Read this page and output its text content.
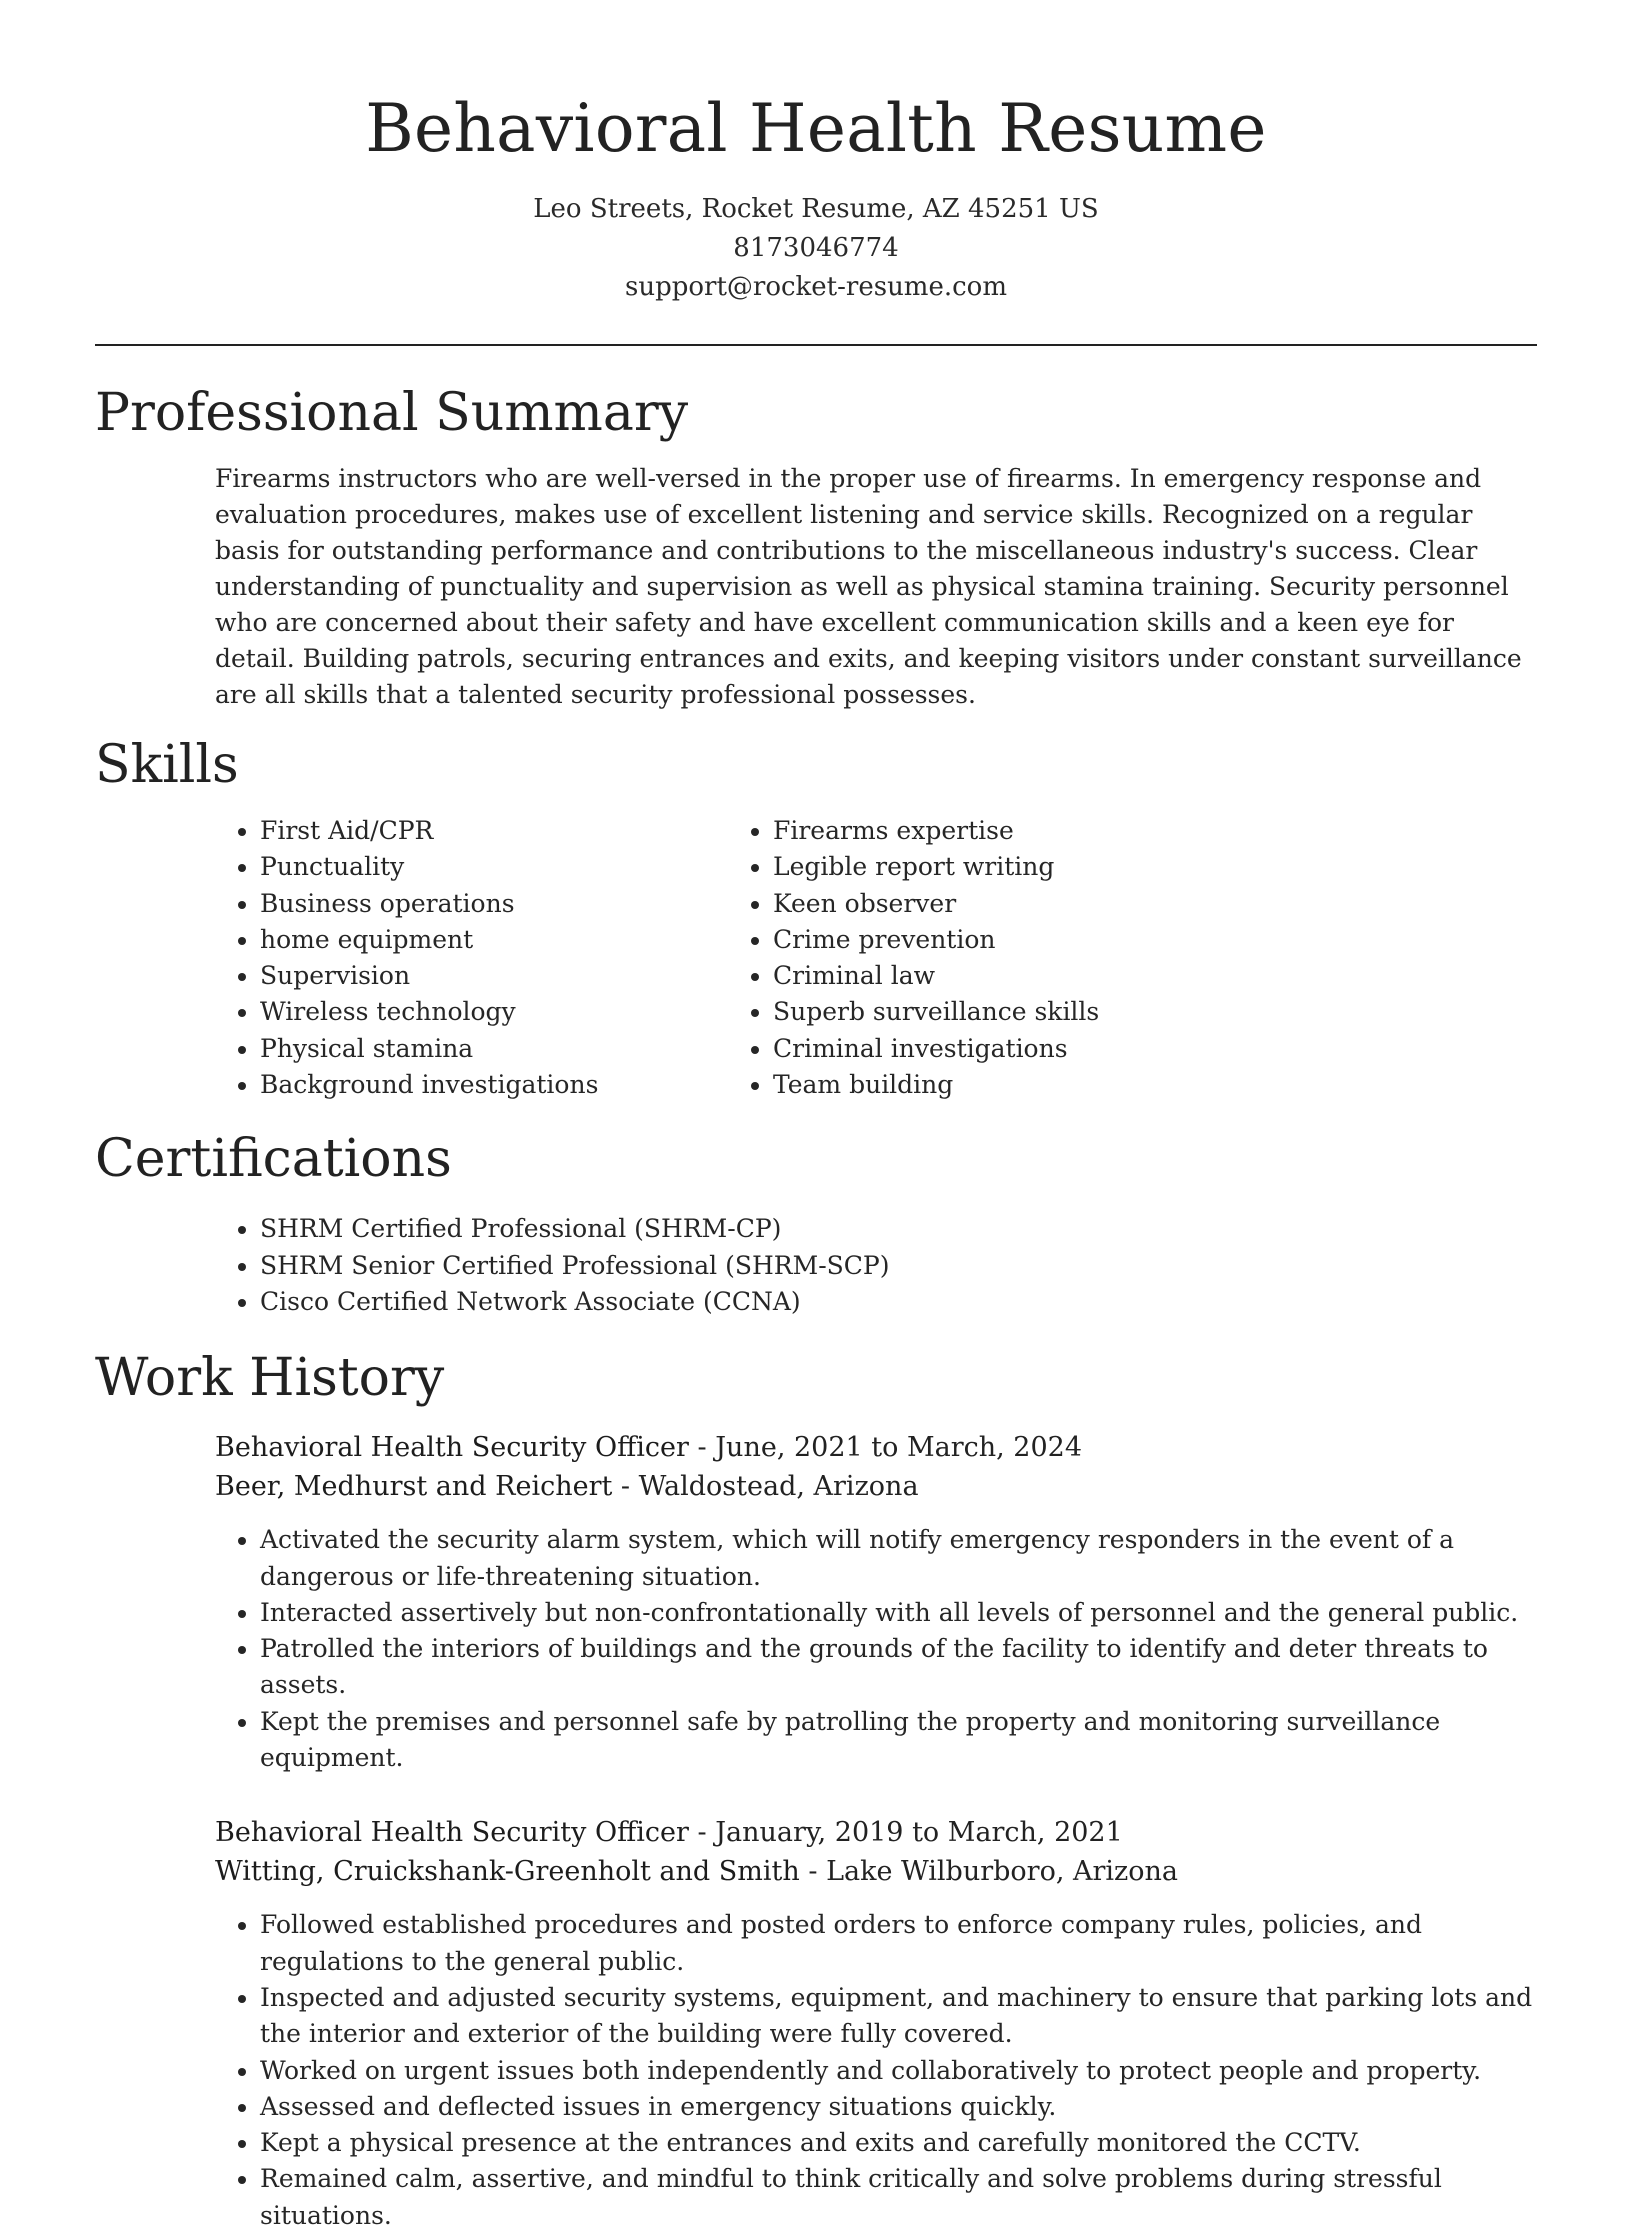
Behavioral Health Resume
Leo Streets, Rocket Resume, AZ 45251 US
8173046774
support@rocket-resume.com
Professional Summary

Firearms instructors who are well-versed in the proper use of firearms. In emergency response and evaluation procedures, makes use of excellent listening and service skills. Recognized on a regular basis for outstanding performance and contributions to the miscellaneous industry's success. Clear understanding of punctuality and supervision as well as physical stamina training. Security personnel who are concerned about their safety and have excellent communication skills and a keen eye for detail. Building patrols, securing entrances and exits, and keeping visitors under constant surveillance are all skills that a talented security professional possesses.

Skills
• First Aid/CPR
• Punctuality
• Business operations
• home equipment
• Supervision
• Wireless technology
• Physical stamina
• Background investigations
• Firearms expertise
• Legible report writing
• Keen observer
• Crime prevention
• Criminal law
• Superb surveillance skills
• Criminal investigations
• Team building
Certifications
• SHRM Certified Professional (SHRM-CP)
• SHRM Senior Certified Professional (SHRM-SCP)
• Cisco Certified Network Associate (CCNA)
Work History
Behavioral Health Security Officer - June, 2021 to March, 2024
Beer, Medhurst and Reichert - Waldostead, Arizona
• Activated the security alarm system, which will notify emergency responders in the event of a dangerous or life-threatening situation.
• Interacted assertively but non-confrontationally with all levels of personnel and the general public.
• Patrolled the interiors of buildings and the grounds of the facility to identify and deter threats to assets.
• Kept the premises and personnel safe by patrolling the property and monitoring surveillance equipment.
Behavioral Health Security Officer - January, 2019 to March, 2021
Witting, Cruickshank-Greenholt and Smith - Lake Wilburboro, Arizona
• Followed established procedures and posted orders to enforce company rules, policies, and regulations to the general public.
• Inspected and adjusted security systems, equipment, and machinery to ensure that parking lots and the interior and exterior of the building were fully covered.
• Worked on urgent issues both independently and collaboratively to protect people and property.
• Assessed and deflected issues in emergency situations quickly.
• Kept a physical presence at the entrances and exits and carefully monitored the CCTV.
• Remained calm, assertive, and mindful to think critically and solve problems during stressful situations.
